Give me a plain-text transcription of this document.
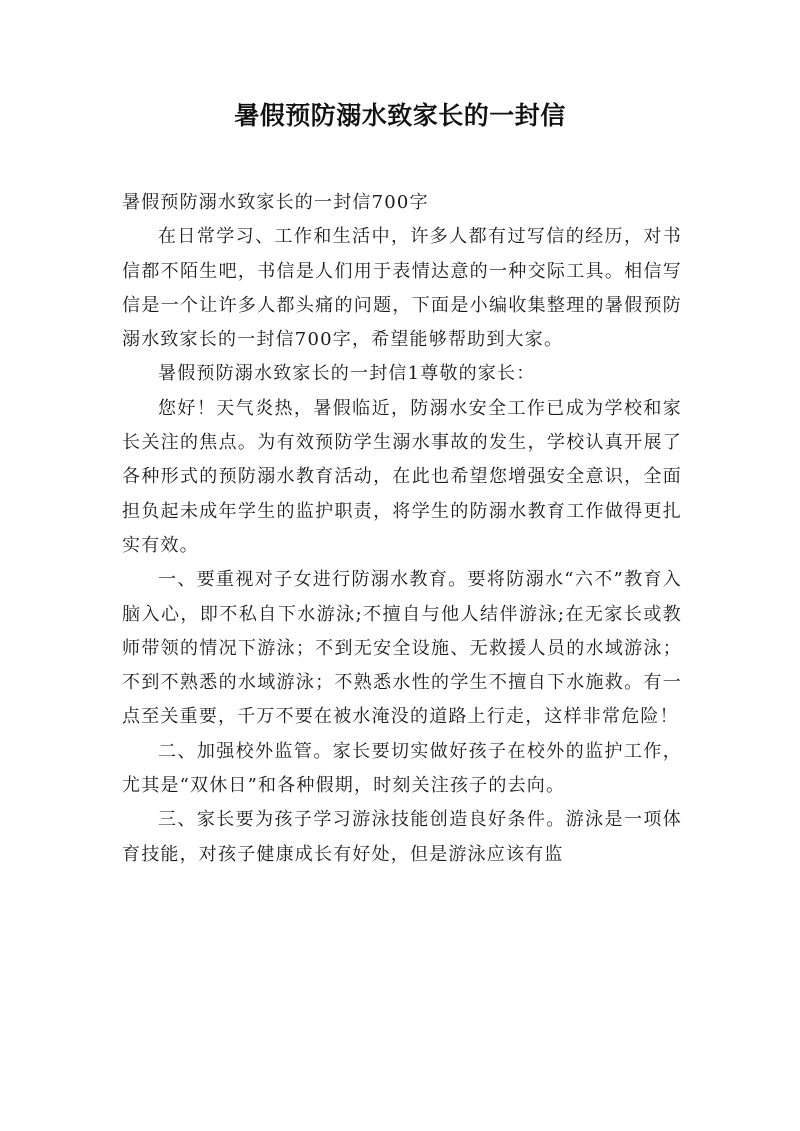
暑假预防溺水致家长的一封信

暑假预防溺水致家长的一封信700字

在日常学习、工作和生活中，许多人都有过写信的经历，对书信都不陌生吧，书信是人们用于表情达意的一种交际工具。相信写信是一个让许多人都头痛的问题，下面是小编收集整理的暑假预防溺水致家长的一封信700字，希望能够帮助到大家。

暑假预防溺水致家长的一封信1尊敬的家长：

您好！天气炎热，暑假临近，防溺水安全工作已成为学校和家长关注的焦点。为有效预防学生溺水事故的发生，学校认真开展了各种形式的预防溺水教育活动，在此也希望您增强安全意识，全面担负起未成年学生的监护职责，将学生的防溺水教育工作做得更扎实有效。

一、要重视对子女进行防溺水教育。要将防溺水“六不”教育入脑入心，即不私自下水游泳;不擅自与他人结伴游泳;在无家长或教师带领的情况下游泳；不到无安全设施、无救援人员的水域游泳；不到不熟悉的水域游泳；不熟悉水性的学生不擅自下水施救。有一点至关重要，千万不要在被水淹没的道路上行走，这样非常危险！

二、加强校外监管。家长要切实做好孩子在校外的监护工作，尤其是“双休日”和各种假期，时刻关注孩子的去向。

三、家长要为孩子学习游泳技能创造良好条件。游泳是一项体育技能，对孩子健康成长有好处，但是游泳应该有监
